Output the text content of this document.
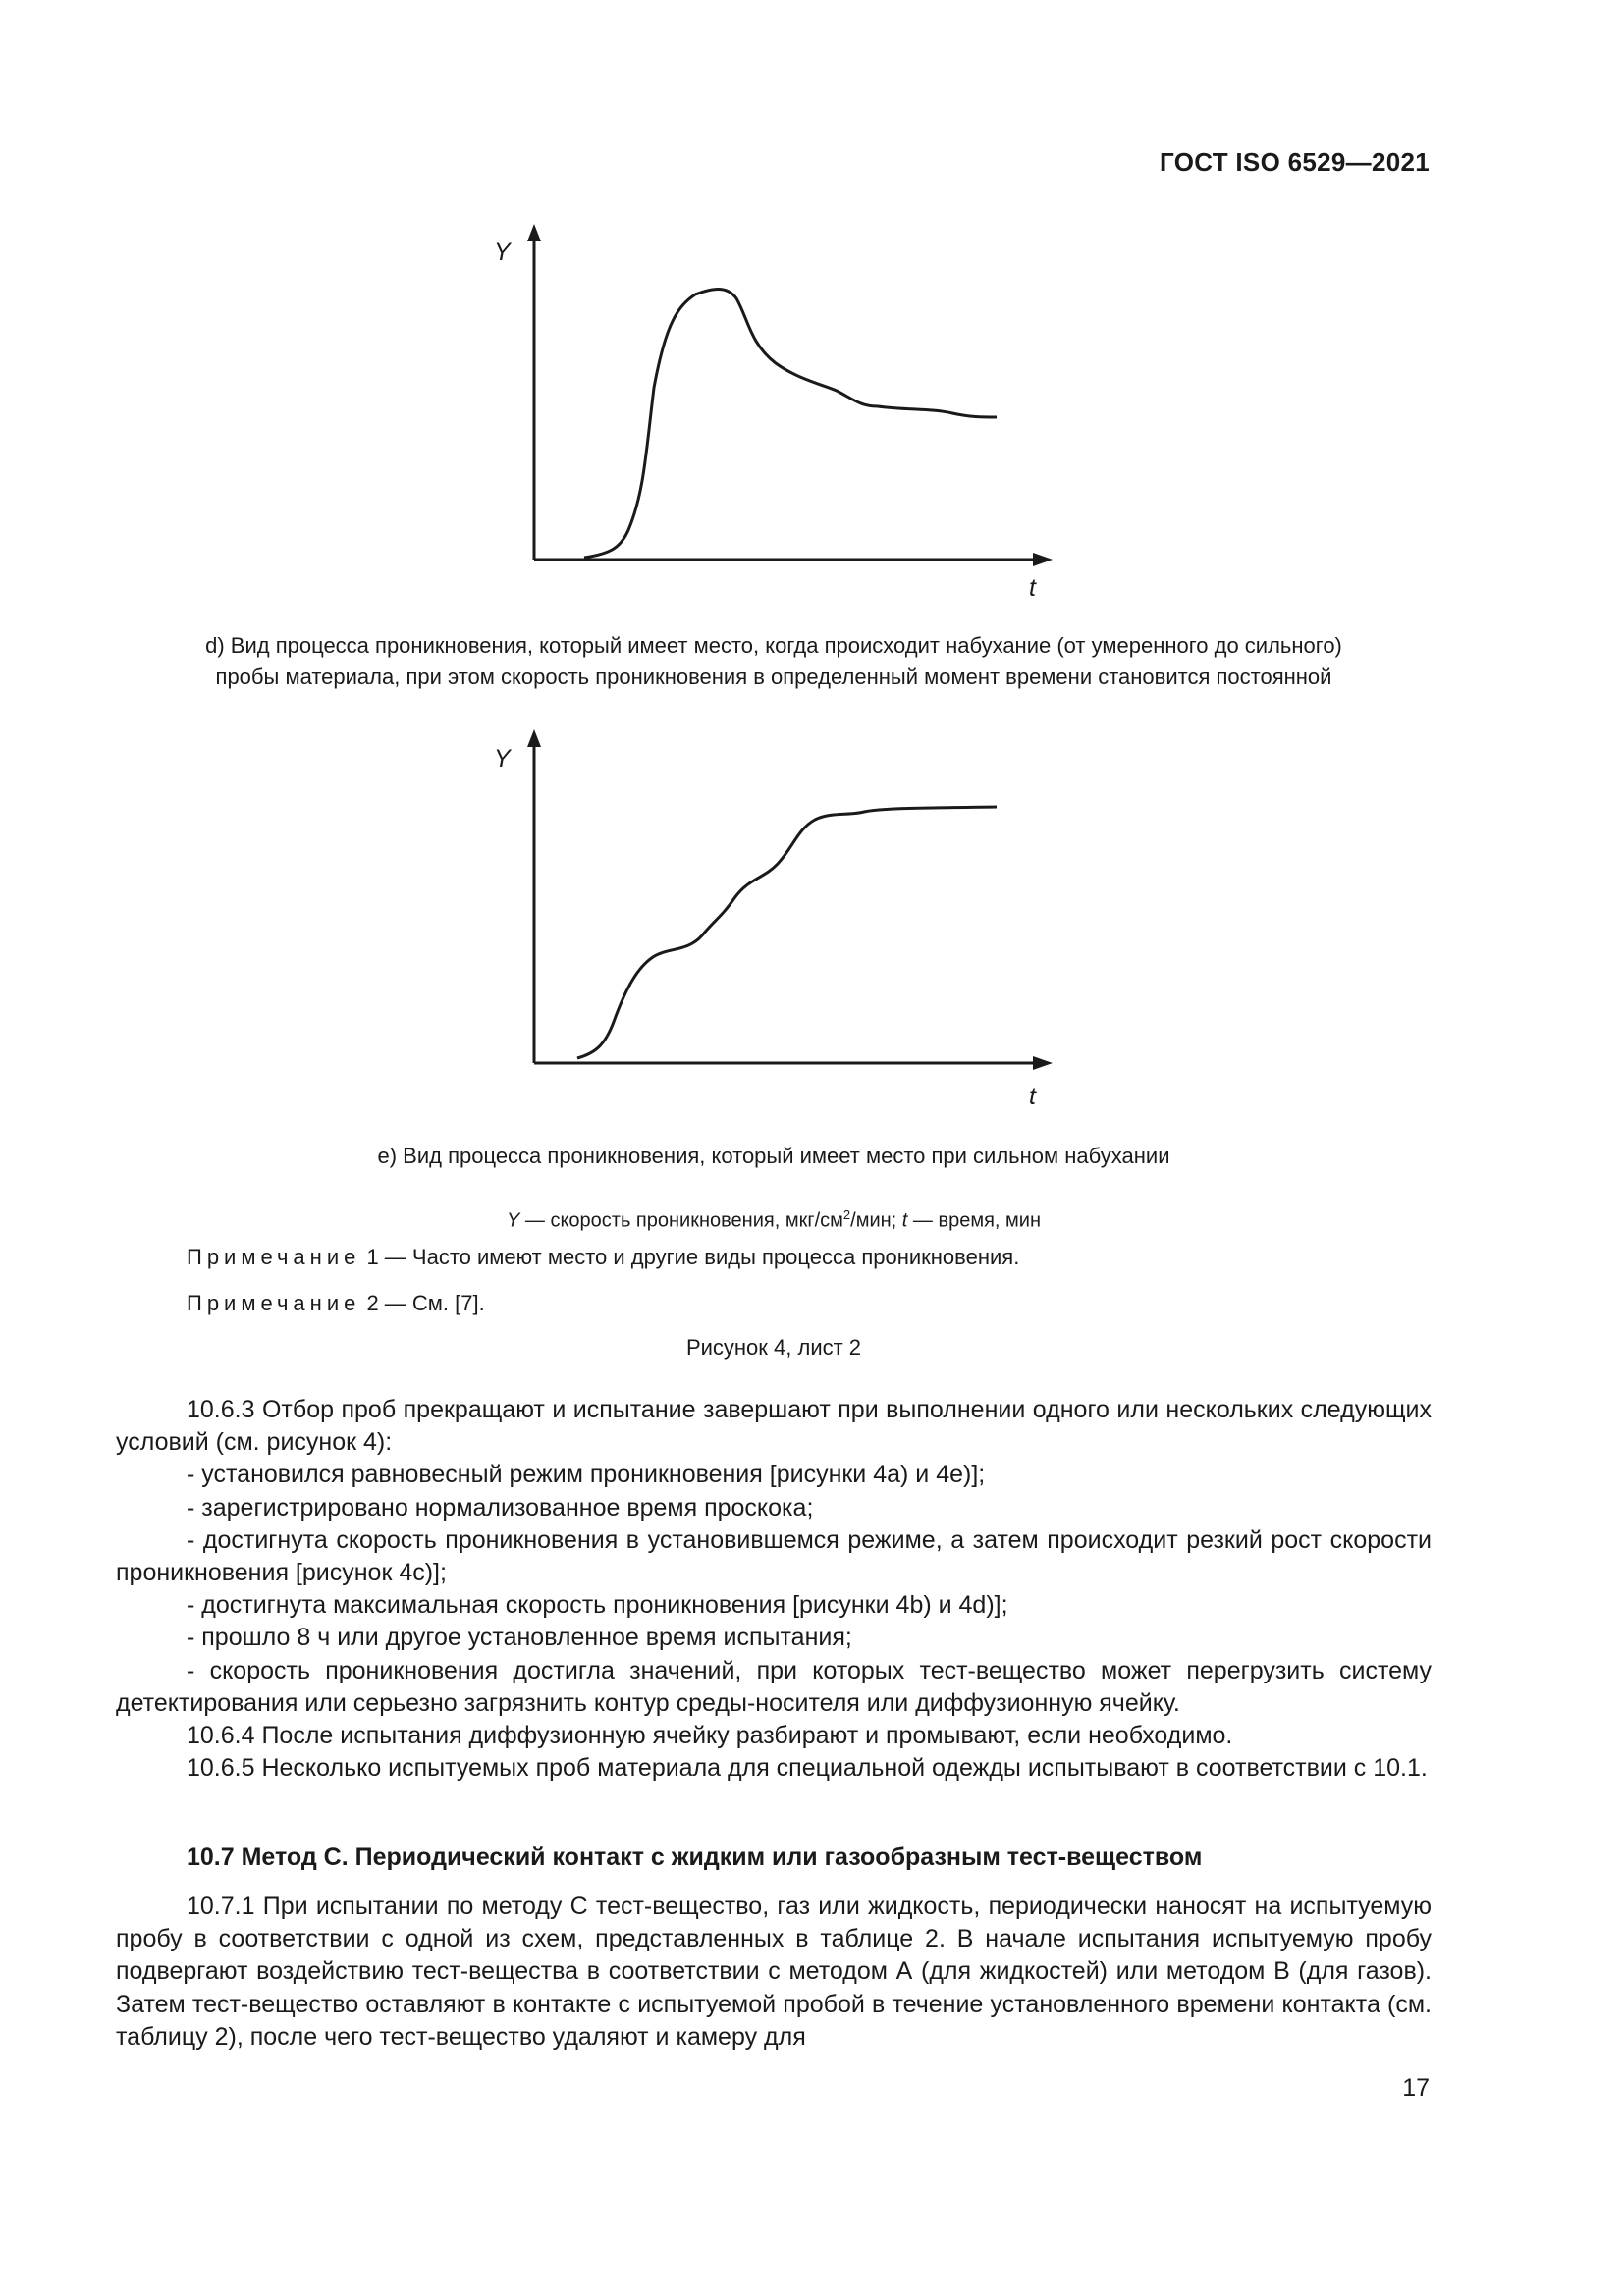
ГОСТ ISO 6529—2021
Y
t
d) Вид процесса проникновения, который имеет место, когда происходит набухание (от умеренного до сильного)
пробы материала, при этом скорость проникновения в определенный момент времени становится постоянной
Y
t
e) Вид процесса проникновения, который имеет место при сильном набухании
Y — скорость проникновения, мкг/$см^2$/мин; t — время, мин
Примечание 1 — Часто имеют место и другие виды процесса проникновения.
Примечание 2 — См. [7].
Рисунок 4, лист 2

10.6.3 Отбор проб прекращают и испытание завершают при выполнении одного или нескольких следующих условий (см. рисунок 4):

- установился равновесный режим проникновения [рисунки 4а) и 4е)];

- зарегистрировано нормализованное время проскока;

- достигнута скорость проникновения в установившемся режиме, а затем происходит резкий рост скорости проникновения [рисунок 4c)];

- достигнута максимальная скорость проникновения [рисунки 4b) и 4d)];

- прошло 8 ч или другое установленное время испытания;

- скорость проникновения достигла значений, при которых тест-вещество может перегрузить систему детектирования или серьезно загрязнить контур среды-носителя или диффузионную ячейку.

10.6.4 После испытания диффузионную ячейку разбирают и промывают, если необходимо.

10.6.5 Несколько испытуемых проб материала для специальной одежды испытывают в соответствии с 10.1.

10.7 Метод С. Периодический контакт с жидким или газообразным тест-веществом

10.7.1 При испытании по методу С тест-вещество, газ или жидкость, периодически наносят на испытуемую пробу в соответствии с одной из схем, представленных в таблице 2. В начале испытания испытуемую пробу подвергают воздействию тест-вещества в соответствии с методом А (для жидкостей) или методом В (для газов). Затем тест-вещество оставляют в контакте с испытуемой пробой в течение установленного времени контакта (см. таблицу 2), после чего тест-вещество удаляют и камеру для

17
